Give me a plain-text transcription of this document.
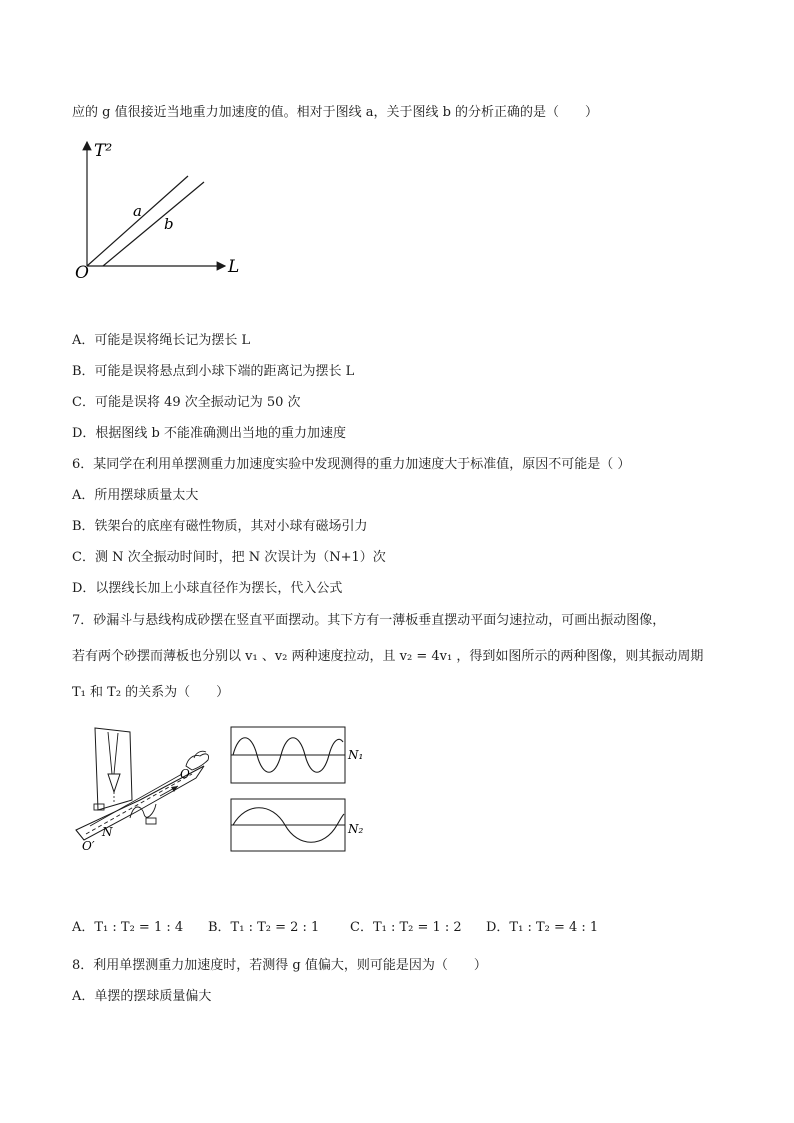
应的 g 值很接近当地重力加速度的值。相对于图线 a，关于图线 b 的分析正确的是（　　）
T²
L
O
a
b
A．可能是误将绳长记为摆长 L
B．可能是误将悬点到小球下端的距离记为摆长 L
C．可能是误将 49 次全振动记为 50 次
D．根据图线 b 不能准确测出当地的重力加速度
6．某同学在利用单摆测重力加速度实验中发现测得的重力加速度大于标准值，原因不可能是（ ）
A．所用摆球质量太大
B．铁架台的底座有磁性物质，其对小球有磁场引力
C．测 N 次全振动时间时，把 N 次误计为（N+1）次
D．以摆线长加上小球直径作为摆长，代入公式
7．砂漏斗与悬线构成砂摆在竖直平面摆动。其下方有一薄板垂直摆动平面匀速拉动，可画出振动图像，
若有两个砂摆而薄板也分别以 v₁ 、v₂ 两种速度拉动，且 v₂ = 4v₁ ，得到如图所示的两种图像，则其振动周期
T₁ 和 T₂ 的关系为（　　）
O
O′
N
N₁
N₂
A．T₁ : T₂ = 1 : 4 B．T₁ : T₂ = 2 : 1 C．T₁ : T₂ = 1 : 2 D．T₁ : T₂ = 4 : 1
8．利用单摆测重力加速度时，若测得 g 值偏大，则可能是因为（　　）
A．单摆的摆球质量偏大
